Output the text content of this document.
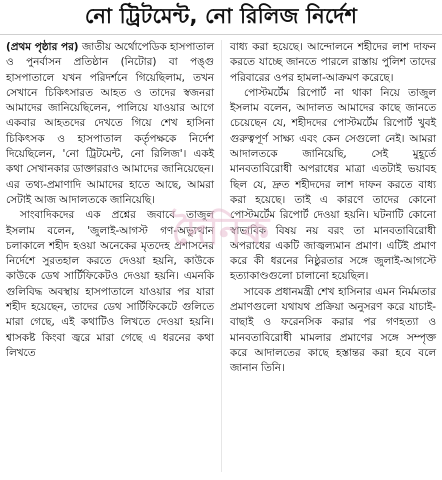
নো ট্রিটমেন্ট, নো রিলিজ নির্দেশ

(প্রথম পৃষ্ঠার পর) জাতীয় অর্থোপেডিক হাসপাতাল ও পুনর্বাসন প্রতিষ্ঠান (নিটোর) বা পঙ্গু হাসপাতালে যখন পরিদর্শনে গিয়েছিলাম, তখন সেখানে চিকিৎসারত আহত ও তাদের স্বজনরা আমাদের জানিয়েছিলেন, পালিয়ে যাওয়ার আগে একবার আহতদের দেখতে গিয়ে শেখ হাসিনা চিকিৎসক ও হাসপাতাল কর্তৃপক্ষকে নির্দেশ দিয়েছিলেন, 'নো ট্রিটমেন্ট, নো রিলিজ'। একই কথা সেখানকার ডাক্তাররাও আমাদের জানিয়েছেন। এর তথ্য-প্রমাণাদি আমাদের হাতে আছে, আমরা সেটাই আজ আদালতকে জানিয়েছি।

সাংবাদিকদের এক প্রশ্নের জবাবে তাজুল ইসলাম বলেন, 'জুলাই-আগস্ট গণ-অভ্যুত্থান চলাকালে শহীদ হওয়া অনেকের মৃতদেহ প্রশাসনের নির্দেশে সুরতহাল করতে দেওয়া হয়নি, কাউকে কাউকে ডেথ সার্টিফিকেটও দেওয়া হয়নি। এমনকি গুলিবিদ্ধ অবস্থায় হাসপাতালে যাওয়ার পর যারা শহীদ হয়েছেন, তাদের ডেথ সার্টিফিকেটে গুলিতে মারা গেছে, এই কথাটিও লিখতে দেওয়া হয়নি। শ্বাসকষ্ট কিংবা জ্বরে মারা গেছে এ ধরনের কথা লিখতে

বাধ্য করা হয়েছে। আন্দোলনে শহীদের লাশ দাফন করতে যাচ্ছে জানতে পারলে রাস্তায় পুলিশ তাদের পরিবারের ওপর হামলা-আক্রমণ করেছে।

পোস্টমর্টেম রিপোর্ট না থাকা নিয়ে তাজুল ইসলাম বলেন, আদালত আমাদের কাছে জানতে চেয়েছেন যে, শহীদদের পোস্টমর্টেম রিপোর্ট খুবই গুরুত্বপূর্ণ সাক্ষ্য এবং কেন সেগুলো নেই। আমরা আদালতকে জানিয়েছি, সেই মুহূর্তে মানবতাবিরোধী অপরাধের মাত্রা এতটাই ভয়াবহ ছিল যে, দ্রুত শহীদদের লাশ দাফন করতে বাধ্য করা হয়েছে। তাই এ কারণে তাদের কোনো পোস্টমর্টেম রিপোর্ট দেওয়া হয়নি। ঘটনাটি কোনো স্বাভাবিক বিষয় নয় বরং তা মানবতাবিরোধী অপরাধের একটি জাজ্বল্যমান প্রমাণ। এটিই প্রমাণ করে কী ধরনের নিষ্ঠুরতার সঙ্গে জুলাই-আগস্টে হত্যাকাণ্ডগুলো চালানো হয়েছিল।

সাবেক প্রধানমন্ত্রী শেখ হাসিনার এমন নির্মমতার প্রমাণগুলো যথাযথ প্রক্রিয়া অনুসরণ করে যাচাই-বাছাই ও ফরেনসিক করার পর গণহত্যা ও মানবতাবিরোধী মামলার প্রমাণের সঙ্গে সম্পৃক্ত করে আদালতের কাছে হস্তান্তর করা হবে বলে জানান তিনি।

দৈনিক
